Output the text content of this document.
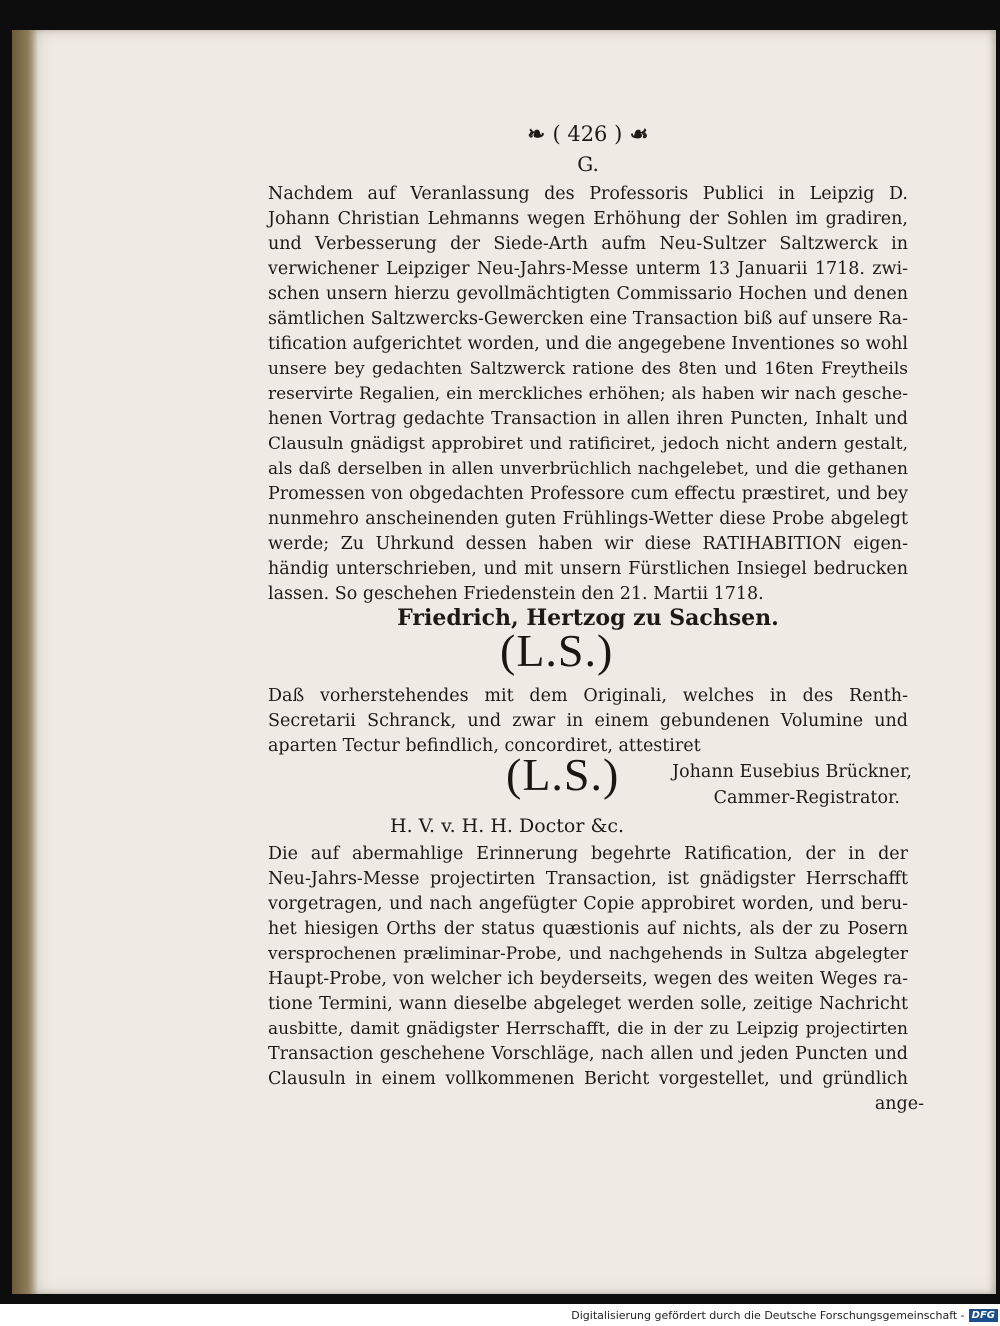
❧ ( 426 ) ☙
G.
Nachdem auf Veranlassung des Professoris Publici in Leipzig D.
Johann Christian Lehmanns wegen Erhöhung der Sohlen im gradiren,
und Verbesserung der Siede-Arth aufm Neu-Sultzer Saltzwerck in
verwichener Leipziger Neu-Jahrs-Messe unterm 13 Januarii 1718. zwi-
schen unsern hierzu gevollmächtigten Commissario Hochen und denen
sämtlichen Saltzwercks-Gewercken eine Transaction biß auf unsere Ra-
tification aufgerichtet worden, und die angegebene Inventiones so wohl
unsere bey gedachten Saltzwerck ratione des 8ten und 16ten Freytheils
reservirte Regalien, ein merckliches erhöhen; als haben wir nach gesche-
henen Vortrag gedachte Transaction in allen ihren Puncten, Inhalt und
Clausuln gnädigst approbiret und ratificiret, jedoch nicht andern gestalt,
als daß derselben in allen unverbrüchlich nachgelebet, und die gethanen
Promessen von obgedachten Professore cum effectu præstiret, und bey
nunmehro anscheinenden guten Frühlings-Wetter diese Probe abgelegt
werde; Zu Uhrkund dessen haben wir diese RATIHABITION eigen-
händig unterschrieben, und mit unsern Fürstlichen Insiegel bedrucken
lassen. So geschehen Friedenstein den 21. Martii 1718.
Friedrich, Hertzog zu Sachsen.
(L.S.)
Daß vorherstehendes mit dem Originali, welches in des Renth-
Secretarii Schranck, und zwar in einem gebundenen Volumine und
aparten Tectur befindlich, concordiret, attestiret
(L.S.)	Johann Eusebius Brückner,
Cammer-Registrator.
H. V. v. H. H. Doctor &c.
Die auf abermahlige Erinnerung begehrte Ratification, der in der
Neu-Jahrs-Messe projectirten Transaction, ist gnädigster Herrschafft
vorgetragen, und nach angefügter Copie approbiret worden, und beru-
het hiesigen Orths der status quæstionis auf nichts, als der zu Posern
versprochenen præliminar-Probe, und nachgehends in Sultza abgelegter
Haupt-Probe, von welcher ich beyderseits, wegen des weiten Weges ra-
tione Termini, wann dieselbe abgeleget werden solle, zeitige Nachricht
ausbitte, damit gnädigster Herrschafft, die in der zu Leipzig projectirten
Transaction geschehene Vorschläge, nach allen und jeden Puncten und
Clausuln in einem vollkommenen Bericht vorgestellet, und gründlich
ange-
Digitalisierung gefördert durch die Deutsche Forschungsgemeinschaft - DFG
